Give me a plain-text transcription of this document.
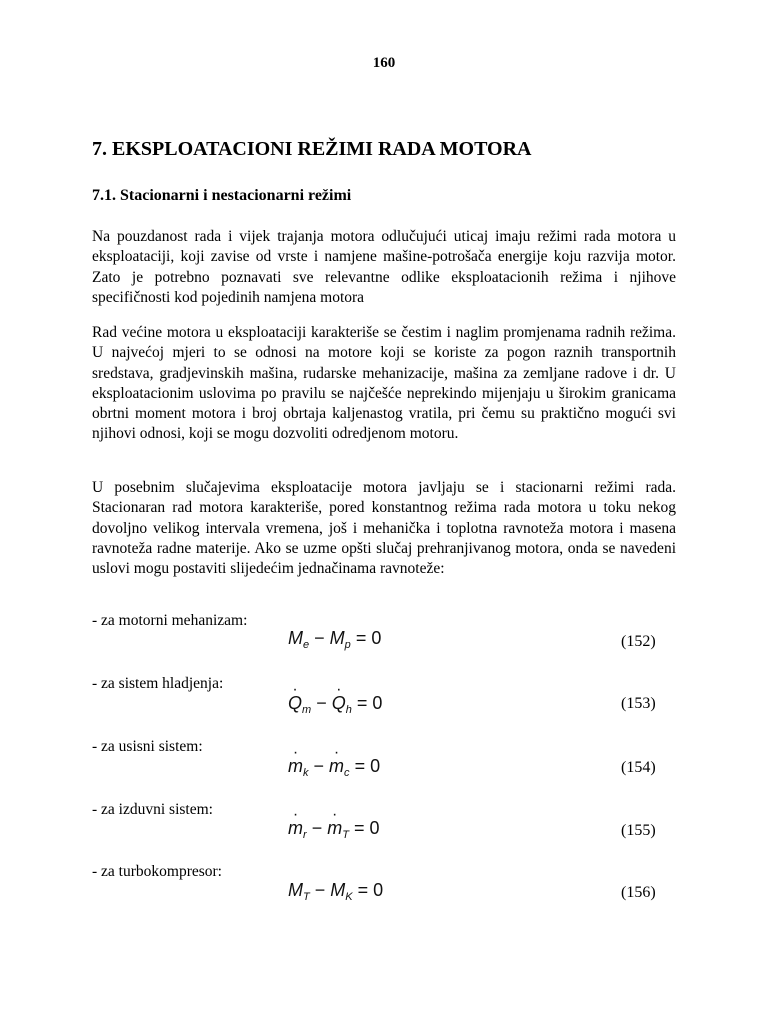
160
7. EKSPLOATACIONI REŽIMI RADA MOTORA
7.1. Stacionarni i nestacionarni režimi

Na pouzdanost rada i vijek trajanja motora odlučujući uticaj imaju režimi rada motora u eksploataciji, koji zavise od vrste i namjene mašine-potrošača energije koju razvija motor. Zato je potrebno poznavati sve relevantne odlike eksploatacionih režima i njihove specifičnosti kod pojedinih namjena motora

Rad većine motora u eksploataciji karakteriše se čestim i naglim promjenama radnih režima. U najvećoj mjeri to se odnosi na motore koji se koriste za pogon raznih transportnih sredstava, gradjevinskih mašina, rudarske mehanizacije, mašina za zemljane radove i dr. U eksploatacionim uslovima po pravilu se najčešće neprekindo mijenjaju u širokim granicama obrtni moment motora i broj obrtaja kaljenastog vratila, pri čemu su praktično mogući svi njihovi odnosi, koji se mogu dozvoliti odredjenom motoru.

U posebnim slučajevima eksploatacije motora javljaju se i stacionarni režimi rada. Stacionaran rad motora karakteriše, pored konstantnog režima rada motora u toku nekog dovoljno velikog intervala vremena, još i mehanička i toplotna ravnoteža motora i masena ravnoteža radne materije. Ako se uzme opšti slučaj prehranjivanog motora, onda se navedeni uslovi mogu postaviti slijedećim jednačinama ravnoteže:

- za motorni mehanizam:
$M_e - M_p = 0$	(152)
- za sistem hladjenja:
· $Q_m$ − · $Q_h = 0$	(153)
- za usisni sistem:
· $m_k$ − · $m_c = 0$	(154)
- za izduvni sistem:
· $m_r$ − · $m_T = 0$	(155)
- za turbokompresor:
$M_T - M_K = 0$	(156)
